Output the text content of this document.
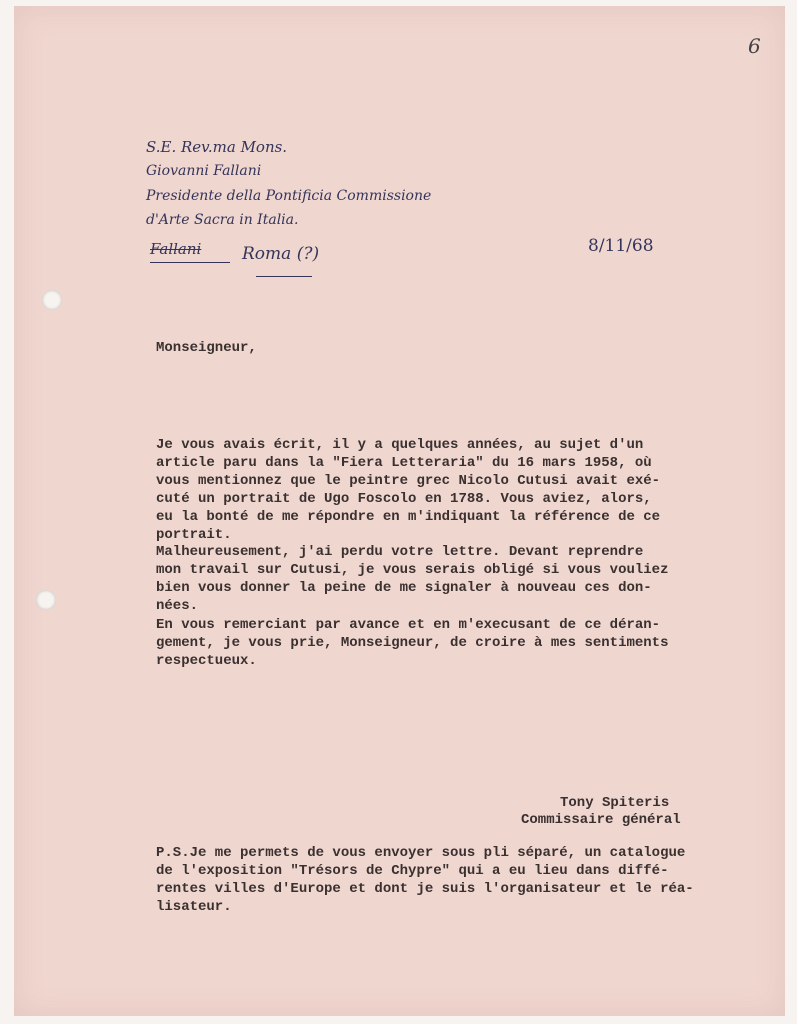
6
S.E. Rev.ma Mons.
Giovanni Fallani
Presidente della Pontificia Commissione
d'Arte Sacra in Italia.
Fallani Roma (?)	8/11/68
Monseigneur,
Je vous avais écrit, il y a quelques années, au sujet d'un
article paru dans la "Fiera Letteraria" du 16 mars 1958, où
vous mentionnez que le peintre grec Nicolo Cutusi avait exé-
cuté un portrait de Ugo Foscolo en 1788. Vous aviez, alors,
eu la bonté de me répondre en m'indiquant la référence de ce
portrait.
Malheureusement, j'ai perdu votre lettre. Devant reprendre
mon travail sur Cutusi, je vous serais obligé si vous vouliez
bien vous donner la peine de me signaler à nouveau ces don-
nées.
En vous remerciant par avance et en m'execusant de ce déran-
gement, je vous prie, Monseigneur, de croire à mes sentiments
respectueux.
Tony Spiteris
Commissaire général
P.S.Je me permets de vous envoyer sous pli séparé, un catalogue
de l'exposition "Trésors de Chypre" qui a eu lieu dans diffé-
rentes villes d'Europe et dont je suis l'organisateur et le réa-
lisateur.
